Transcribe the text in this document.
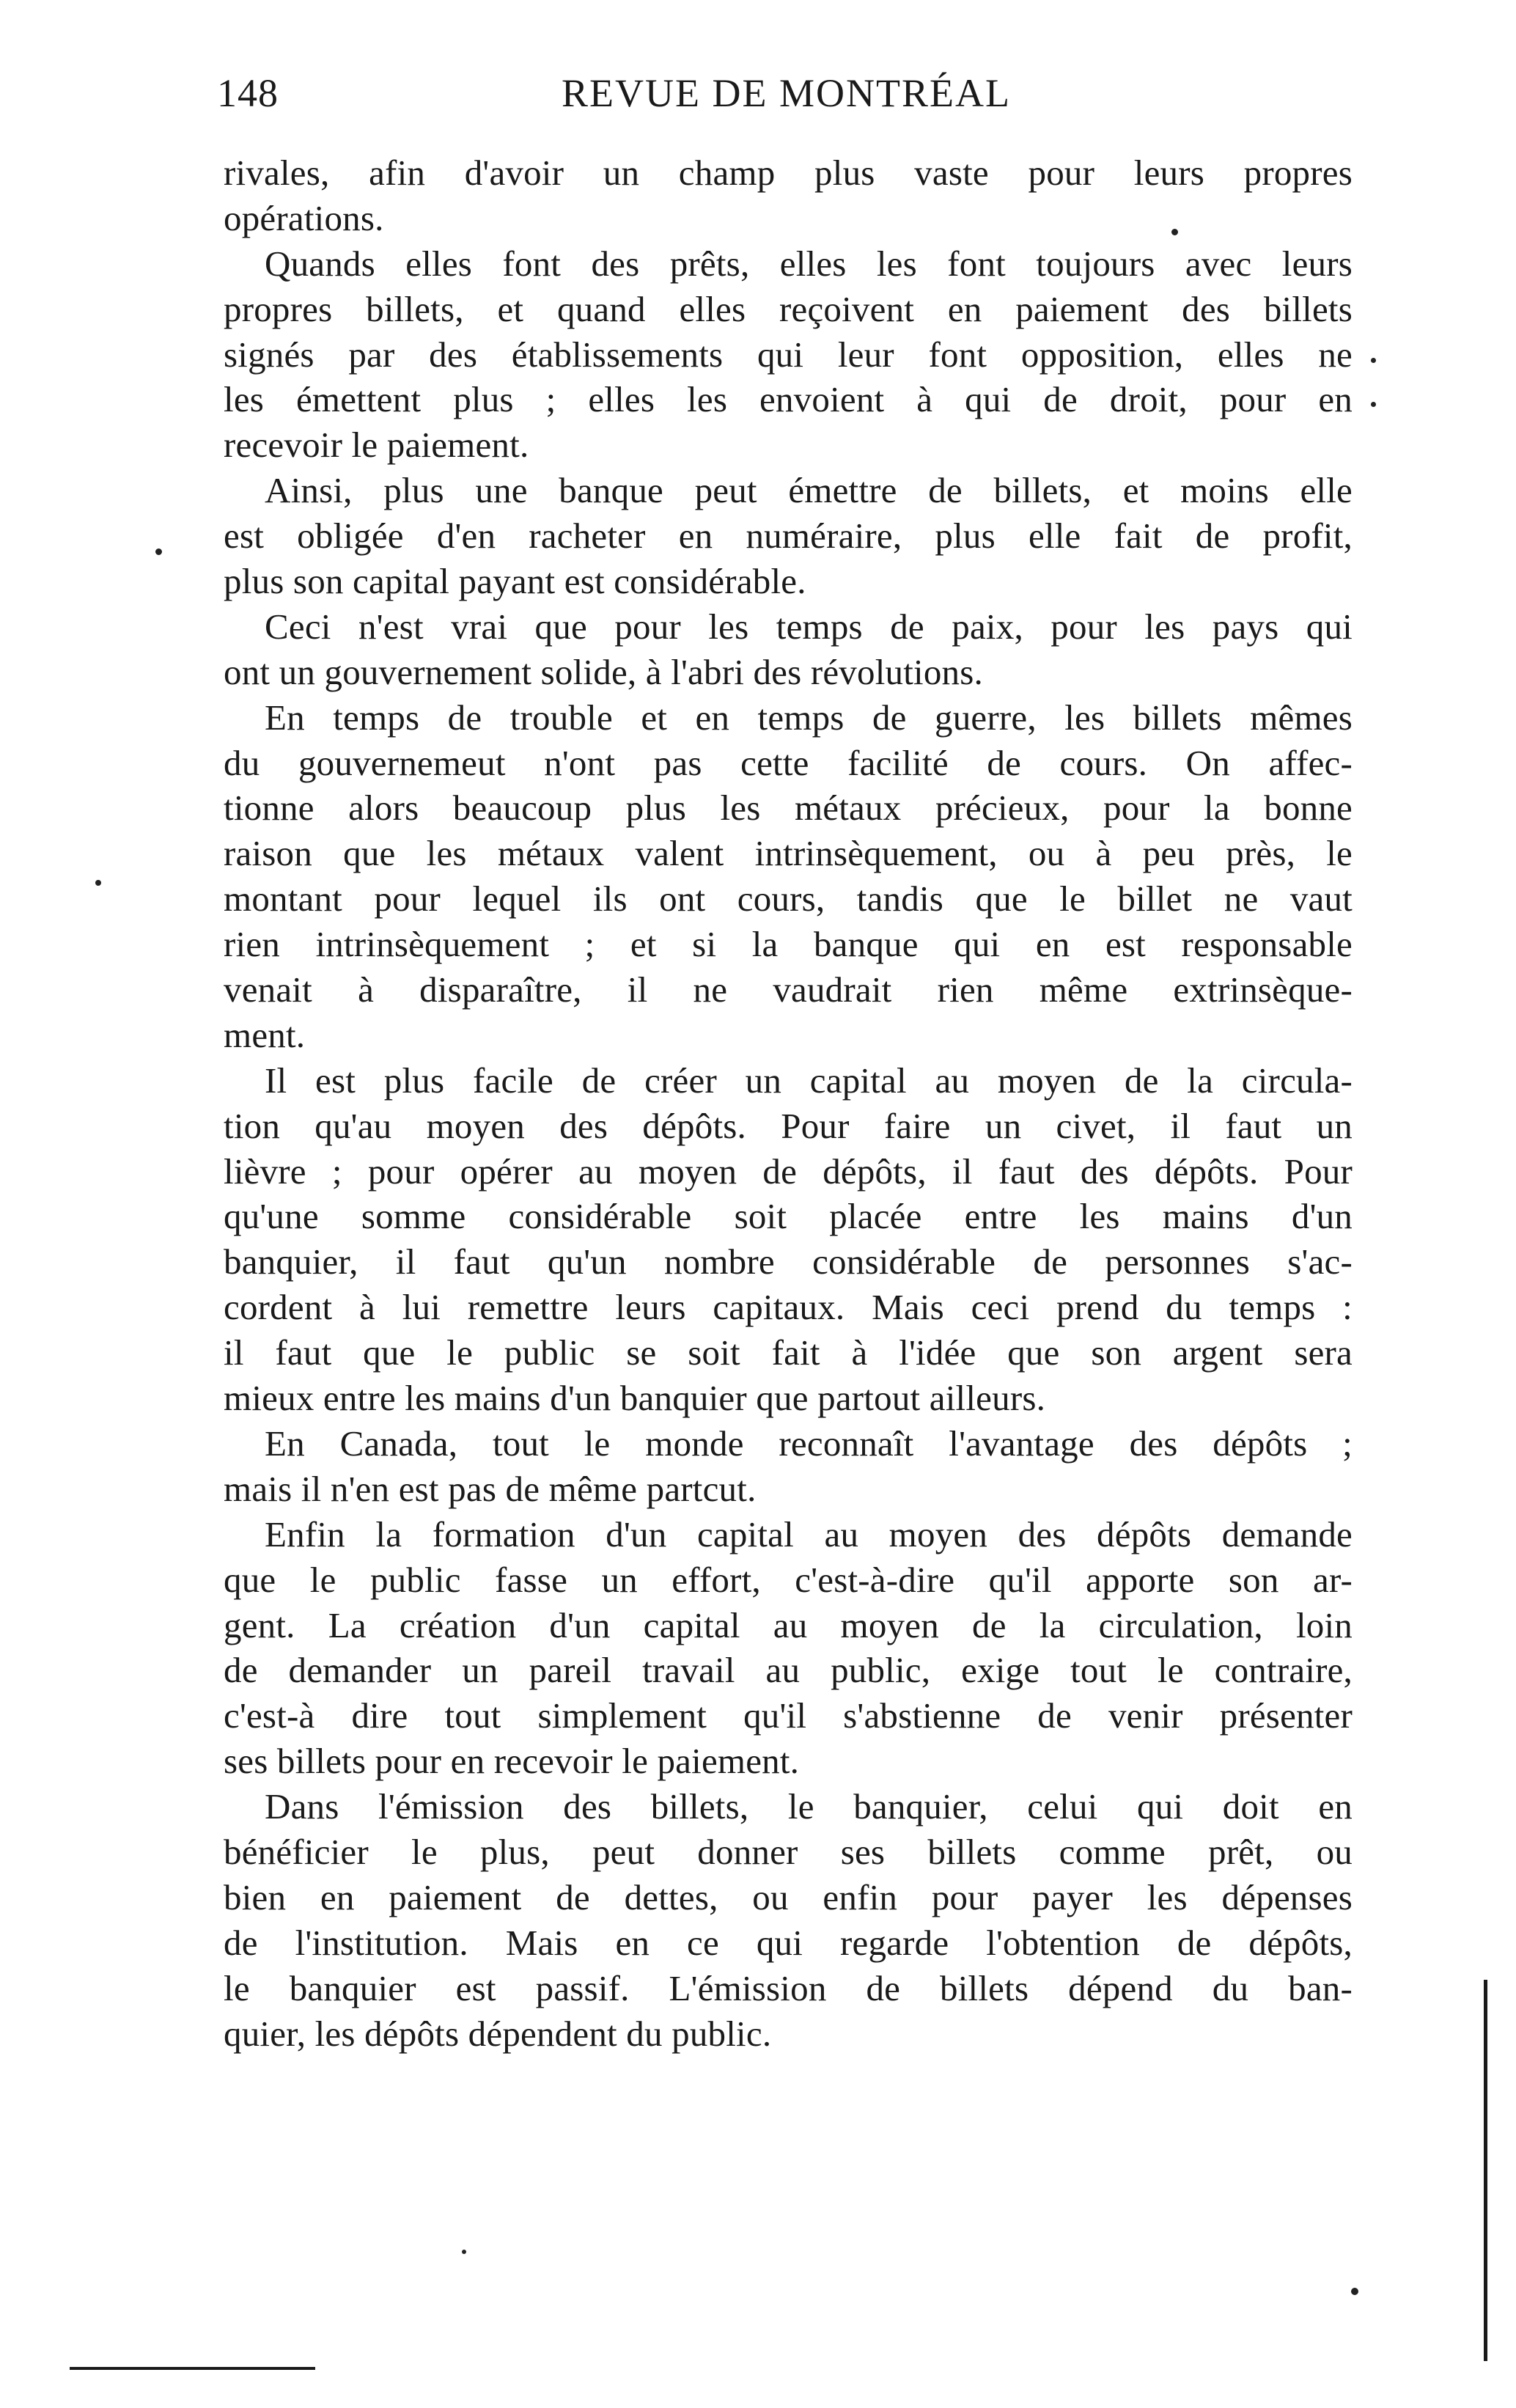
148	REVUE DE MONTRÉAL
rivales, afin d'avoir un champ plus vaste pour leurs propres
opérations.
Quands elles font des prêts, elles les font toujours avec leurs
propres billets, et quand elles reçoivent en paiement des billets
signés par des établissements qui leur font opposition, elles ne
les émettent plus ; elles les envoient à qui de droit, pour en
recevoir le paiement.
Ainsi, plus une banque peut émettre de billets, et moins elle
est obligée d'en racheter en numéraire, plus elle fait de profit,
plus son capital payant est considérable.
Ceci n'est vrai que pour les temps de paix, pour les pays qui
ont un gouvernement solide, à l'abri des révolutions.
En temps de trouble et en temps de guerre, les billets mêmes
du gouvernemeut n'ont pas cette facilité de cours. On affec-
tionne alors beaucoup plus les métaux précieux, pour la bonne
raison que les métaux valent intrinsèquement, ou à peu près, le
montant pour lequel ils ont cours, tandis que le billet ne vaut
rien intrinsèquement ; et si la banque qui en est responsable
venait à disparaître, il ne vaudrait rien même extrinsèque-
ment.
Il est plus facile de créer un capital au moyen de la circula-
tion qu'au moyen des dépôts. Pour faire un civet, il faut un
lièvre ; pour opérer au moyen de dépôts, il faut des dépôts. Pour
qu'une somme considérable soit placée entre les mains d'un
banquier, il faut qu'un nombre considérable de personnes s'ac-
cordent à lui remettre leurs capitaux. Mais ceci prend du temps :
il faut que le public se soit fait à l'idée que son argent sera
mieux entre les mains d'un banquier que partout ailleurs.
En Canada, tout le monde reconnaît l'avantage des dépôts ;
mais il n'en est pas de même partcut.
Enfin la formation d'un capital au moyen des dépôts demande
que le public fasse un effort, c'est-à-dire qu'il apporte son ar-
gent. La création d'un capital au moyen de la circulation, loin
de demander un pareil travail au public, exige tout le contraire,
c'est-à dire tout simplement qu'il s'abstienne de venir présenter
ses billets pour en recevoir le paiement.
Dans l'émission des billets, le banquier, celui qui doit en
bénéficier le plus, peut donner ses billets comme prêt, ou
bien en paiement de dettes, ou enfin pour payer les dépenses
de l'institution. Mais en ce qui regarde l'obtention de dépôts,
le banquier est passif. L'émission de billets dépend du ban-
quier, les dépôts dépendent du public.
